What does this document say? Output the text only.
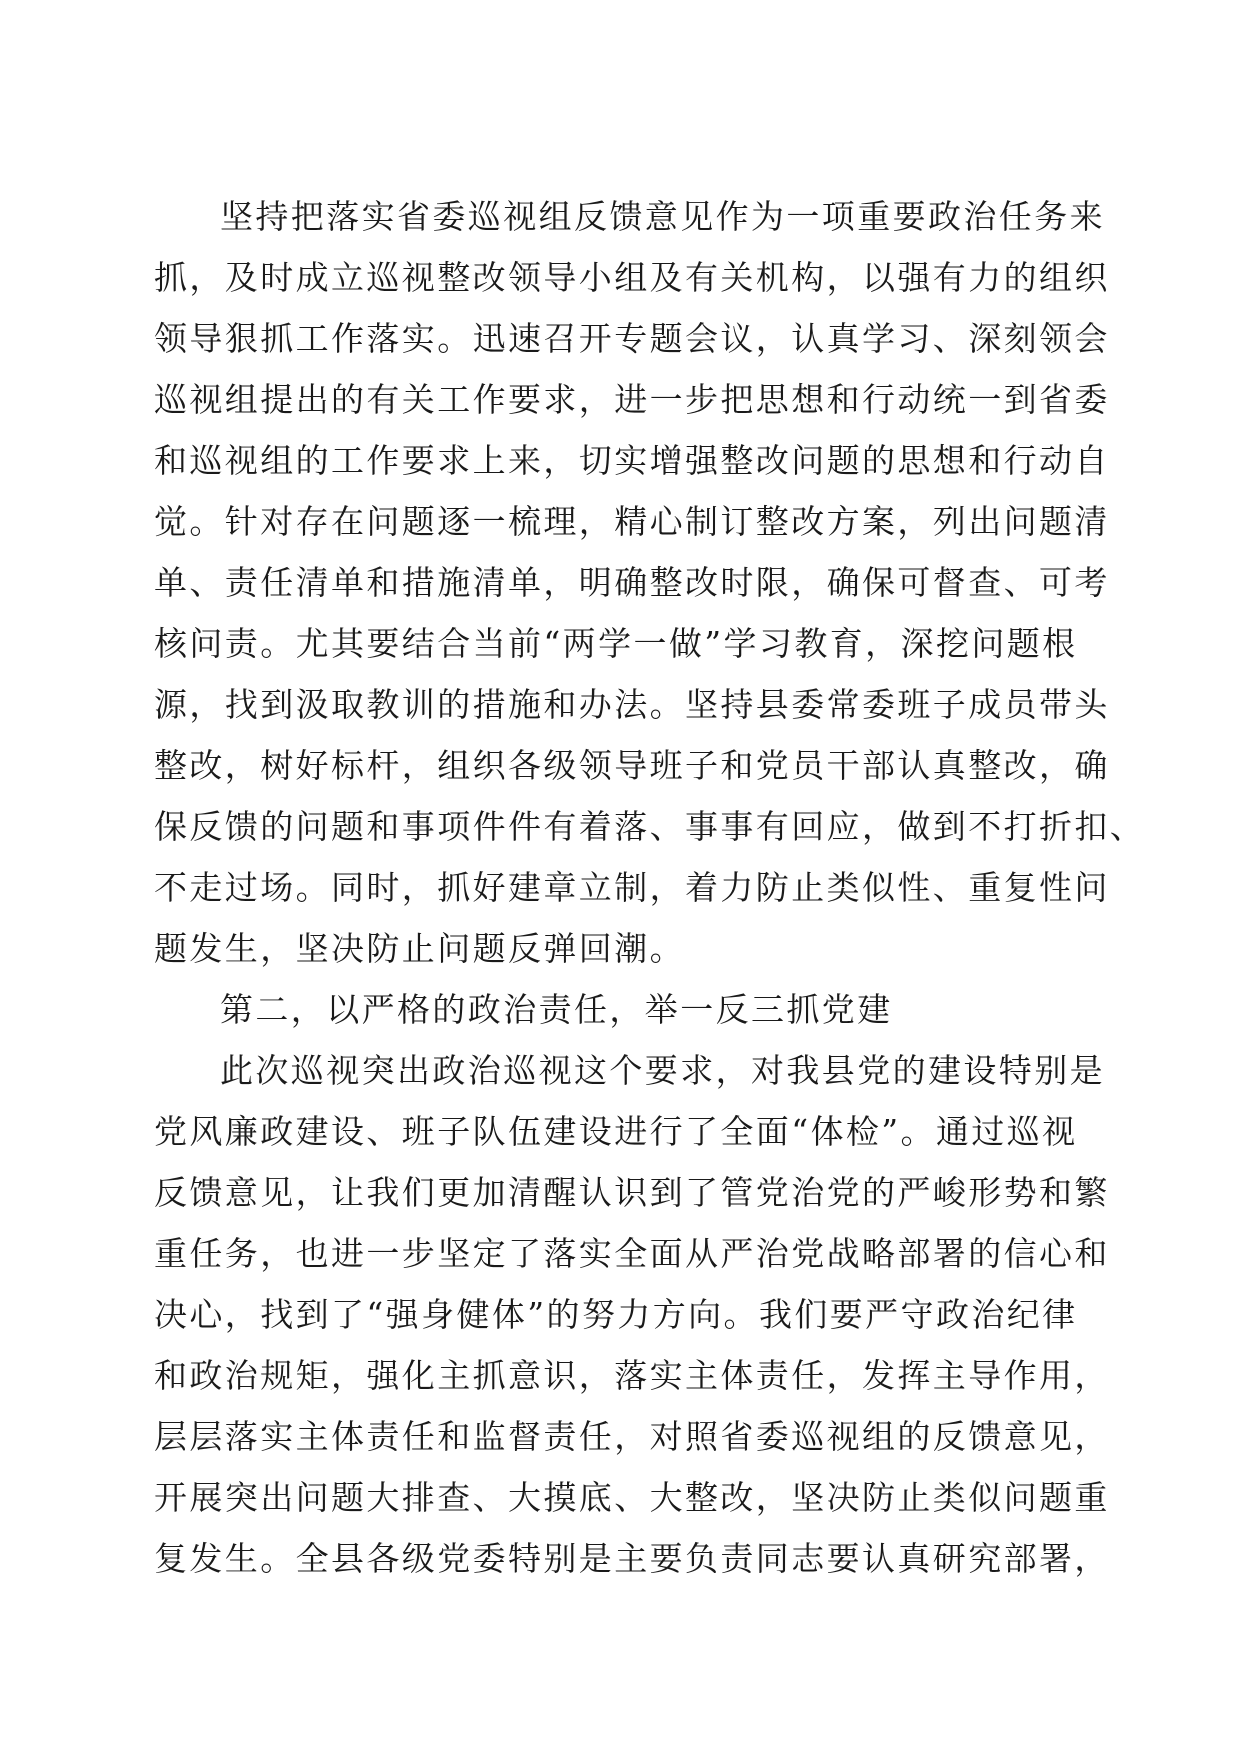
坚持把落实省委巡视组反馈意见作为一项重要政治任务来
抓，及时成立巡视整改领导小组及有关机构，以强有力的组织
领导狠抓工作落实。迅速召开专题会议，认真学习、深刻领会
巡视组提出的有关工作要求，进一步把思想和行动统一到省委
和巡视组的工作要求上来，切实增强整改问题的思想和行动自
觉。针对存在问题逐一梳理，精心制订整改方案，列出问题清
单、责任清单和措施清单，明确整改时限，确保可督查、可考
核问责。尤其要结合当前“两学一做”学习教育，深挖问题根
源，找到汲取教训的措施和办法。坚持县委常委班子成员带头
整改，树好标杆，组织各级领导班子和党员干部认真整改，确
保反馈的问题和事项件件有着落、事事有回应，做到不打折扣、
不走过场。同时，抓好建章立制，着力防止类似性、重复性问
题发生，坚决防止问题反弹回潮。
第二，以严格的政治责任，举一反三抓党建
此次巡视突出政治巡视这个要求，对我县党的建设特别是
党风廉政建设、班子队伍建设进行了全面“体检”。通过巡视
反馈意见，让我们更加清醒认识到了管党治党的严峻形势和繁
重任务，也进一步坚定了落实全面从严治党战略部署的信心和
决心，找到了“强身健体”的努力方向。我们要严守政治纪律
和政治规矩，强化主抓意识，落实主体责任，发挥主导作用，
层层落实主体责任和监督责任，对照省委巡视组的反馈意见，
开展突出问题大排查、大摸底、大整改，坚决防止类似问题重
复发生。全县各级党委特别是主要负责同志要认真研究部署，
